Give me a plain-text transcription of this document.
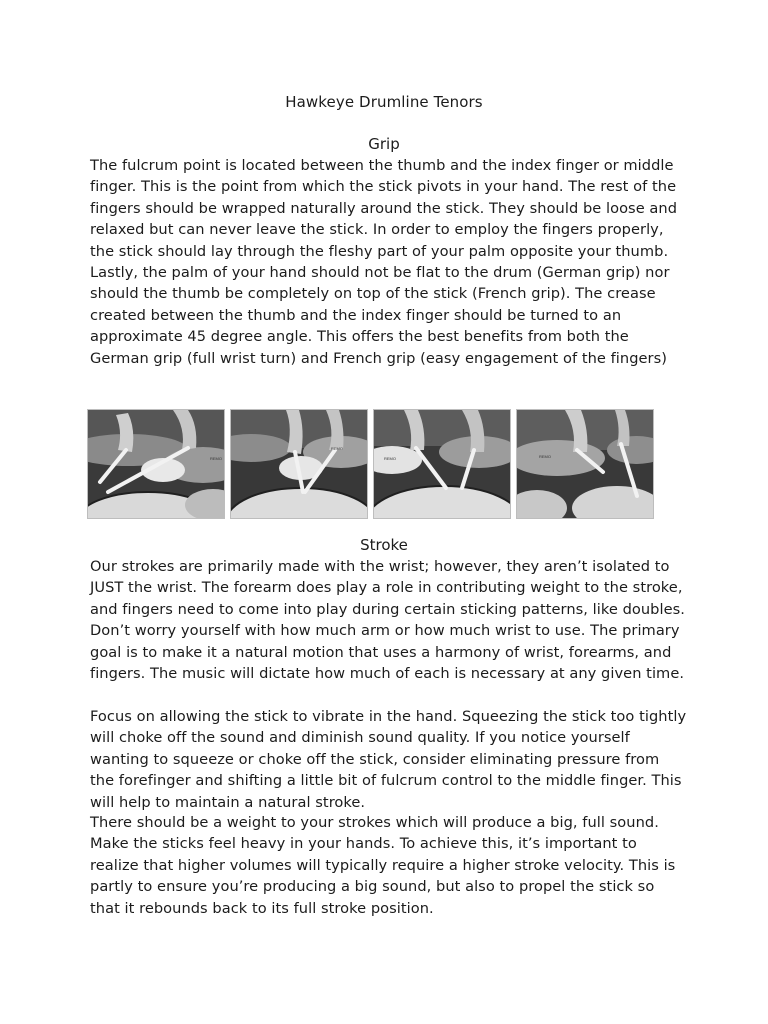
Hawkeye Drumline Tenors
Grip

The fulcrum point is located between the thumb and the index finger or middle finger. This is the point from which the stick pivots in your hand. The rest of the fingers should be wrapped naturally around the stick. They should be loose and relaxed but can never leave the stick. In order to employ the fingers properly, the stick should lay through the fleshy part of your palm opposite your thumb. Lastly, the palm of your hand should not be flat to the drum (German grip) nor should the thumb be completely on top of the stick (French grip). The crease created between the thumb and the index finger should be turned to an approximate 45 degree angle. This offers the best benefits from both the German grip (full wrist turn) and French grip (easy engagement of the fingers)

REMO
REMO
REMO	REMO
Stroke

Our strokes are primarily made with the wrist; however, they aren’t isolated to JUST the wrist. The forearm does play a role in contributing weight to the stroke, and fingers need to come into play during certain sticking patterns, like doubles. Don’t worry yourself with how much arm or how much wrist to use. The primary goal is to make it a natural motion that uses a harmony of wrist, forearms, and fingers. The music will dictate how much of each is necessary at any given time.

Focus on allowing the stick to vibrate in the hand. Squeezing the stick too tightly will choke off the sound and diminish sound quality. If you notice yourself wanting to squeeze or choke off the stick, consider eliminating pressure from the forefinger and shifting a little bit of fulcrum control to the middle finger. This will help to maintain a natural stroke.

There should be a weight to your strokes which will produce a big, full sound. Make the sticks feel heavy in your hands. To achieve this, it’s important to realize that higher volumes will typically require a higher stroke velocity. This is partly to ensure you’re producing a big sound, but also to propel the stick so that it rebounds back to its full stroke position.
